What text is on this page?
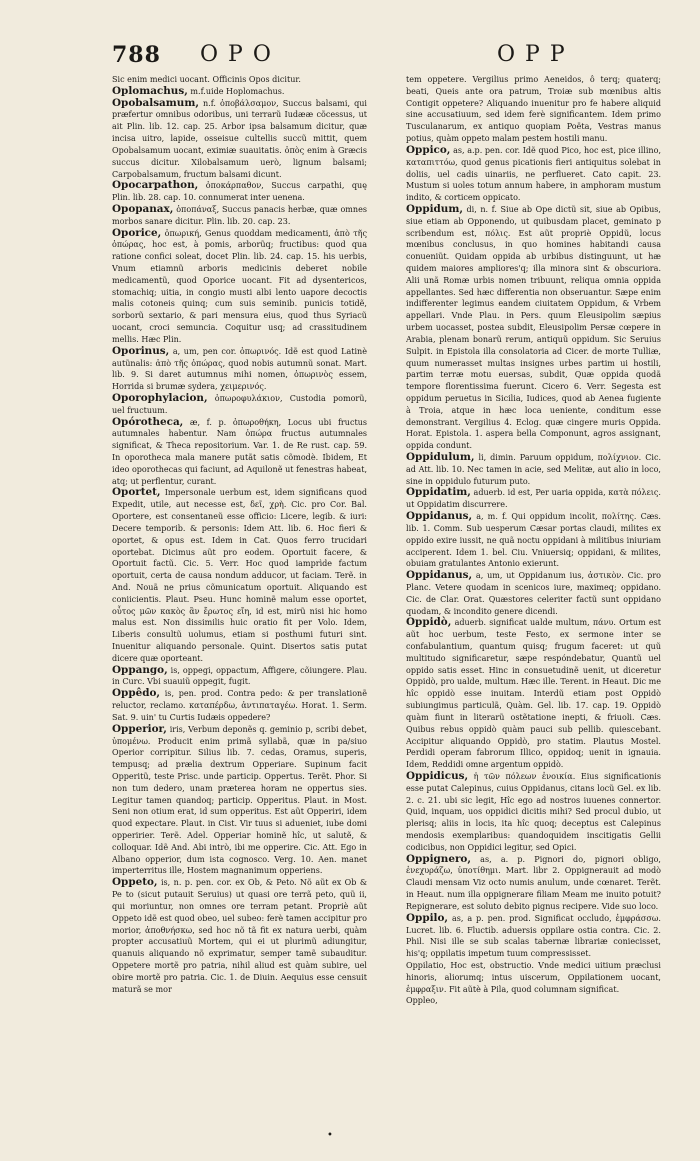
788 OPO	OPP

Sic enim medici uocant. Officinis Opos dicitur.

Oplomachus, m.f.uide Hoplomachus.

Opobalsamum, n.f. ὀποβάλσαμον, Succus balsami, qui præfertur omnibus odoribus, uni terrarũ Iudææ cõcessus, ut ait Plin. lib. 12. cap. 25. Arbor ipsa balsamum dicitur, quæ incisa uitro, lapide, osseisue cultellis succũ mittit, quem Opobalsamum uocant, eximiæ suauitatis. ὀπὸς enim à Græcis succus dicitur. Xilobalsamum uerò, lignum balsami; Carpobalsamum, fructum balsami dicunt.

Opocarpathon, ὀποκάρπαθον, Succus carpathi, quę Plin. lib. 28. cap. 10. connumerat inter uenena.

Opopanax, ὀποπάναξ, Succus panacis herbæ, quæ omnes morbos sanare dicitur. Plin. lib. 20. cap. 23.

Oporice, ὀπωρική, Genus quoddam medicamenti, ἀπὸ τῆς ὀπώρας, hoc est, à pomis, arborũq; fructibus: quod qua ratione confici soleat, docet Plin. lib. 24. cap. 15. his uerbis, Vnum etiamnũ arboris medicinis deberet nobile medicamentũ, quod Oporice uocant. Fit ad dysentericos, stomachiq; uitia, in congio musti albi lento uapore decoctis malis cotoneis quinq; cum suis seminib. punicis totidẽ, sorborũ sextario, & pari mensura eius, quod thus Syriacũ uocant, croci semuncia. Coquitur usq; ad crassitudinem mellis. Hæc Plin.

Oporinus, a, um, pen cor. ὀπωρινός. Idẽ est quod Latinè autũnalis: ἀπὸ τῆς ὀπώρας, quod nobis autumnũ sonat. Mart. lib. 9. Si daret autumnus mihi nomen, ὀπωρινὸς essem, Horrida si brumæ sydera, χειμερινός.

Oporophylacion, ὀπωροφυλάκιον, Custodia pomorũ, uel fructuum.

Opórotheca, æ, f. p. ὀπωροθήκη, Locus ubi fructus autumnales habentur. Nam ὀπώρα fructus autumnales significat, & Theca repositorium. Var. 1. de Re rust. cap. 59. In oporotheca mala manere putãt satis cõmodè. Ibidem, Et ideo oporothecas qui faciunt, ad Aquilonẽ ut fenestras habeat, atq; ut perflentur, curant.

Oportet, Impersonale uerbum est, idem significans quod Expedit, utile, aut necesse est, δεῖ, χρὴ. Cic. pro Cor. Bal. Oportere, est consentaneũ esse officio: Licere, legib. & iuri: Decere temporib. & personis: Idem Att. lib. 6. Hoc fieri & oportet, & opus est. Idem in Cat. Quos ferro trucidari oportebat. Dicimus aũt pro eodem. Oportuit facere, & Oportuit factũ. Cic. 5. Verr. Hoc quod iamprìde factum oportuit, certa de causa nondum adducor, ut faciam. Terẽ. in And. Nouã ne prius cõmunicatum oportuit. Aliquando est coniicientis. Plaut. Pseu. Hunc hominẽ malum esse oportet, οὗτος μῶν κακὸς ἂν ἔρωτος εἴη, id est, mirũ nisi hic homo malus est. Non dissimilis huic oratio fit per Volo. Idem, Liberis consultũ uolumus, etiam si posthumi futuri sint. Inuenitur aliquando personale. Quint. Disertos satis putat dicere quæ oporteant.

Oppango, is, oppegi, oppactum, Affigere, cõiungere. Plau. in Curc. Vbi suauiũ oppegit, fugit.

Oppêdo, is, pen. prod. Contra pedo: & per translationẽ reluctor, reclamo. καταπέρδω, ἀντιπαταγέω. Horat. 1. Serm. Sat. 9. uin' tu Curtis Iudæis oppedere?

Opperior, iris, Verbum deponẽs q. geminio p, scribi debet, ὑπομένω. Producit enim primã syllabã, quæ in pa/siuo Operior corripitur. Silius lib. 7. cedas, Oramus, superis, tempusq; ad prælia dextrum Opperiare. Supinum facit Opperitũ, teste Prisc. unde particip. Oppertus. Terẽt. Phor. Si non tum dedero, unam præterea horam ne oppertus sies. Legitur tamen quandoq; particip. Opperitus. Plaut. in Most. Seni non otium erat, id sum opperitus. Est aũt Opperiri, idem quod expectare. Plaut. in Cist. Vir tuus si adueniet, iube domi opperirier. Terẽ. Adel. Opperiar hominẽ hîc, ut salutẽ, & colloquar. Idẽ And. Abi intrò, ibi me opperire. Cic. Att. Ego in Albano opperior, dum ista cognosco. Verg. 10. Aen. manet imperterritus ille, Hostem magnanimum opperiens.

Oppeto, is, n. p. pen. cor. ex Ob, & Peto. Nõ aũt ex Ob & Pe to (sicut putauit Seruius) ut quasi ore terrã peto, quũ ii, qui moriuntur, non omnes ore terram petant. Propriè aũt Oppeto idẽ est quod obeo, uel subeo: ferè tamen accipitur pro morior, ἀποθνήσκω, sed hoc nõ tã fit ex natura uerbi, quàm propter accusatiuũ Mortem, qui ei ut plurimũ adiungitur, quanuis aliquando nõ exprimatur, semper tamẽ subauditur. Oppetere mortẽ pro patria, nihil aliud est quàm subire, uel obire mortẽ pro patria. Cic. 1. de Diuin. Aequius esse censuit maturã se mor

tem oppetere. Vergilius primo Aeneidos, ô terq; quaterq; beati, Queis ante ora patrum, Troiæ sub mœnibus altis Contigit oppetere? Aliquando inuenitur pro fe habere aliquid sine accusatiuum, sed idem ferè significantem. Idem primo Tusculanarum, ex antiquo quopiam Poëta, Vestras manus potius, quàm oppeto malam pestem hostili manu.

Oppico, as, a.p. pen. cor. Idẽ quod Pico, hoc est, pice illino, καταπιττόω, quod genus picationis fieri antiquitus solebat in doliis, uel cadis uinariis, ne perflueret. Cato capit. 23. Mustum si uoles totum annum habere, in amphoram mustum indito, & corticem oppicato.

Oppidum, di, n. f. Siue ab Ope dictũ sit, siue ab Opibus, siue etiam ab Opponendo, ut quibusdam placet, geminato p scribendum est, πόλις. Est aũt propriè Oppidũ, locus mœnibus conclusus, in quo homines habitandi causa conueniũt. Quidam oppida ab urbibus distinguunt, ut hæ quidem maiores ampliores'q; illa minora sint & obscuriora. Alii unã Romæ urbis nomen tribuunt, reliqua omnia oppida appellantes. Sed hæc differentia non obseruantur. Sæpe enim indifferenter legimus eandem ciuitatem Oppidum, & Vrbem appellari. Vnde Plau. in Pers. quum Eleusipolim sæpius urbem uocasset, postea subdit, Eleusipolim Persæ cœpere in Arabia, plenam bonarũ rerum, antiquũ oppidum. Sic Seruius Sulpit. in Epistola illa consolatoria ad Cicer. de morte Tulliæ, quum numerasset multas insignes urbes partim ui hostili, partim terræ motu euersas, subdit, Quæ oppida quodã tempore florentissima fuerunt. Cicero 6. Verr. Segesta est oppidum peruetus in Sicilia, Iudices, quod ab Aenea fugiente à Troia, atque in hæc loca ueniente, conditum esse demonstrant. Vergilius 4. Eclog. quæ cingere muris Oppida. Horat. Epistola. 1. aspera bella Componunt, agros assignant, oppida condunt.

Oppidulum, li, dimin. Paruum oppidum, πολίχνιον. Cic. ad Att. lib. 10. Nec tamen in acie, sed Melitæ, aut alio in loco, sine in oppidulo futurum puto.

Oppidatim, aduerb. id est, Per uaria oppida, κατὰ πόλεις. ut Oppidatim discurrere.

Oppidanus, a, m. f. Qui oppidum incolit, πολίτης. Cæs. lib. 1. Comm. Sub uesperum Cæsar portas claudi, milites ex oppido exire iussit, ne quã noctu oppidani à militibus iniuriam acciperent. Idem 1. bel. Ciu. Vniuersiq; oppidani, & milites, obuiam gratulantes Antonio exierunt.

Oppidanus, a, um, ut Oppidanum ius, ἀστικὸν. Cic. pro Planc. Vetere quodam in scenicos iure, maximeq; oppidano. Cic. de Clar. Orat. Quæstores celeriter factũ sunt oppidano quodam, & incondito genere dicendi.

Oppidò, aduerb. significat ualde multum, πάνυ. Ortum est aũt hoc uerbum, teste Festo, ex sermone inter se confabulantium, quantum quisq; frugum faceret: ut quũ multitudo significaretur, sæpe respóndebatur, Quantũ uel oppido satis esset. Hinc in consuetudinẽ uenit, ut diceretur Oppidò, pro ualde, multum. Hæc ille. Terent. in Heaut. Dic me hîc oppidò esse inuitam. Interdũ etiam post Oppidò subiungimus particulã, Quàm. Gel. lib. 17. cap. 19. Oppidò quàm fiunt in literarũ ostẽtatione inepti, & friuoli. Cæs. Quibus rebus oppidò quàm pauci sub pellib. quiescebant. Accipitur aliquando Oppidò, pro statim. Plautus Mostel. Perdidi operam fabrorum Illico, oppidoq; uenit in ignauia. Idem, Reddidi omne argentum oppidò.

Oppidicus, ἡ τῶν πόλεων ἐνοικία. Eius significationis esse putat Calepinus, cuius Oppidanus, citans locũ Gel. ex lib. 2. c. 21. ubi sic legit, Hîc ego ad nostros iuuenes connertor. Quid, inquam, uos oppidici dicitis mihi? Sed procul dubio, ut plerisq; aliis in locis, ita hîc quoq; deceptus est Calepinus mendosis exemplaribus: quandoquidem inscitigatis Gellii codicibus, non Oppidici legitur, sed Opici.

Oppignero, as, a. p. Pignori do, pignori obligo, ἐνεχυράζω, ὑποτίθημι. Mart. libr 2. Oppignerauit ad modò Claudi mensam Viz octo numis anulum, unde cœnaret. Terẽt. in Heaut. num illa oppignerare filiam Meam me inuito potuit? Repignerare, est soluto debito pignus recipere. Vide suo loco.

Oppilo, as, a p. pen. prod. Significat occludo, ἐμφράσσω. Lucret. lib. 6. Fluctib. aduersis oppilare ostia contra. Cic. 2. Phil. Nisi ille se sub scalas tabernæ librariæ coniecisset, his'q; oppilatis impetum tuum compressisset.

Oppilatio, Hoc est, obstructio. Vnde medici uitium præclusi hinoris, aliorumq; intus uiscerum, Oppilationem uocant, ἐμφραξιν. Fit aũtè à Pila, quod columnam significat.

Oppleo,

•
